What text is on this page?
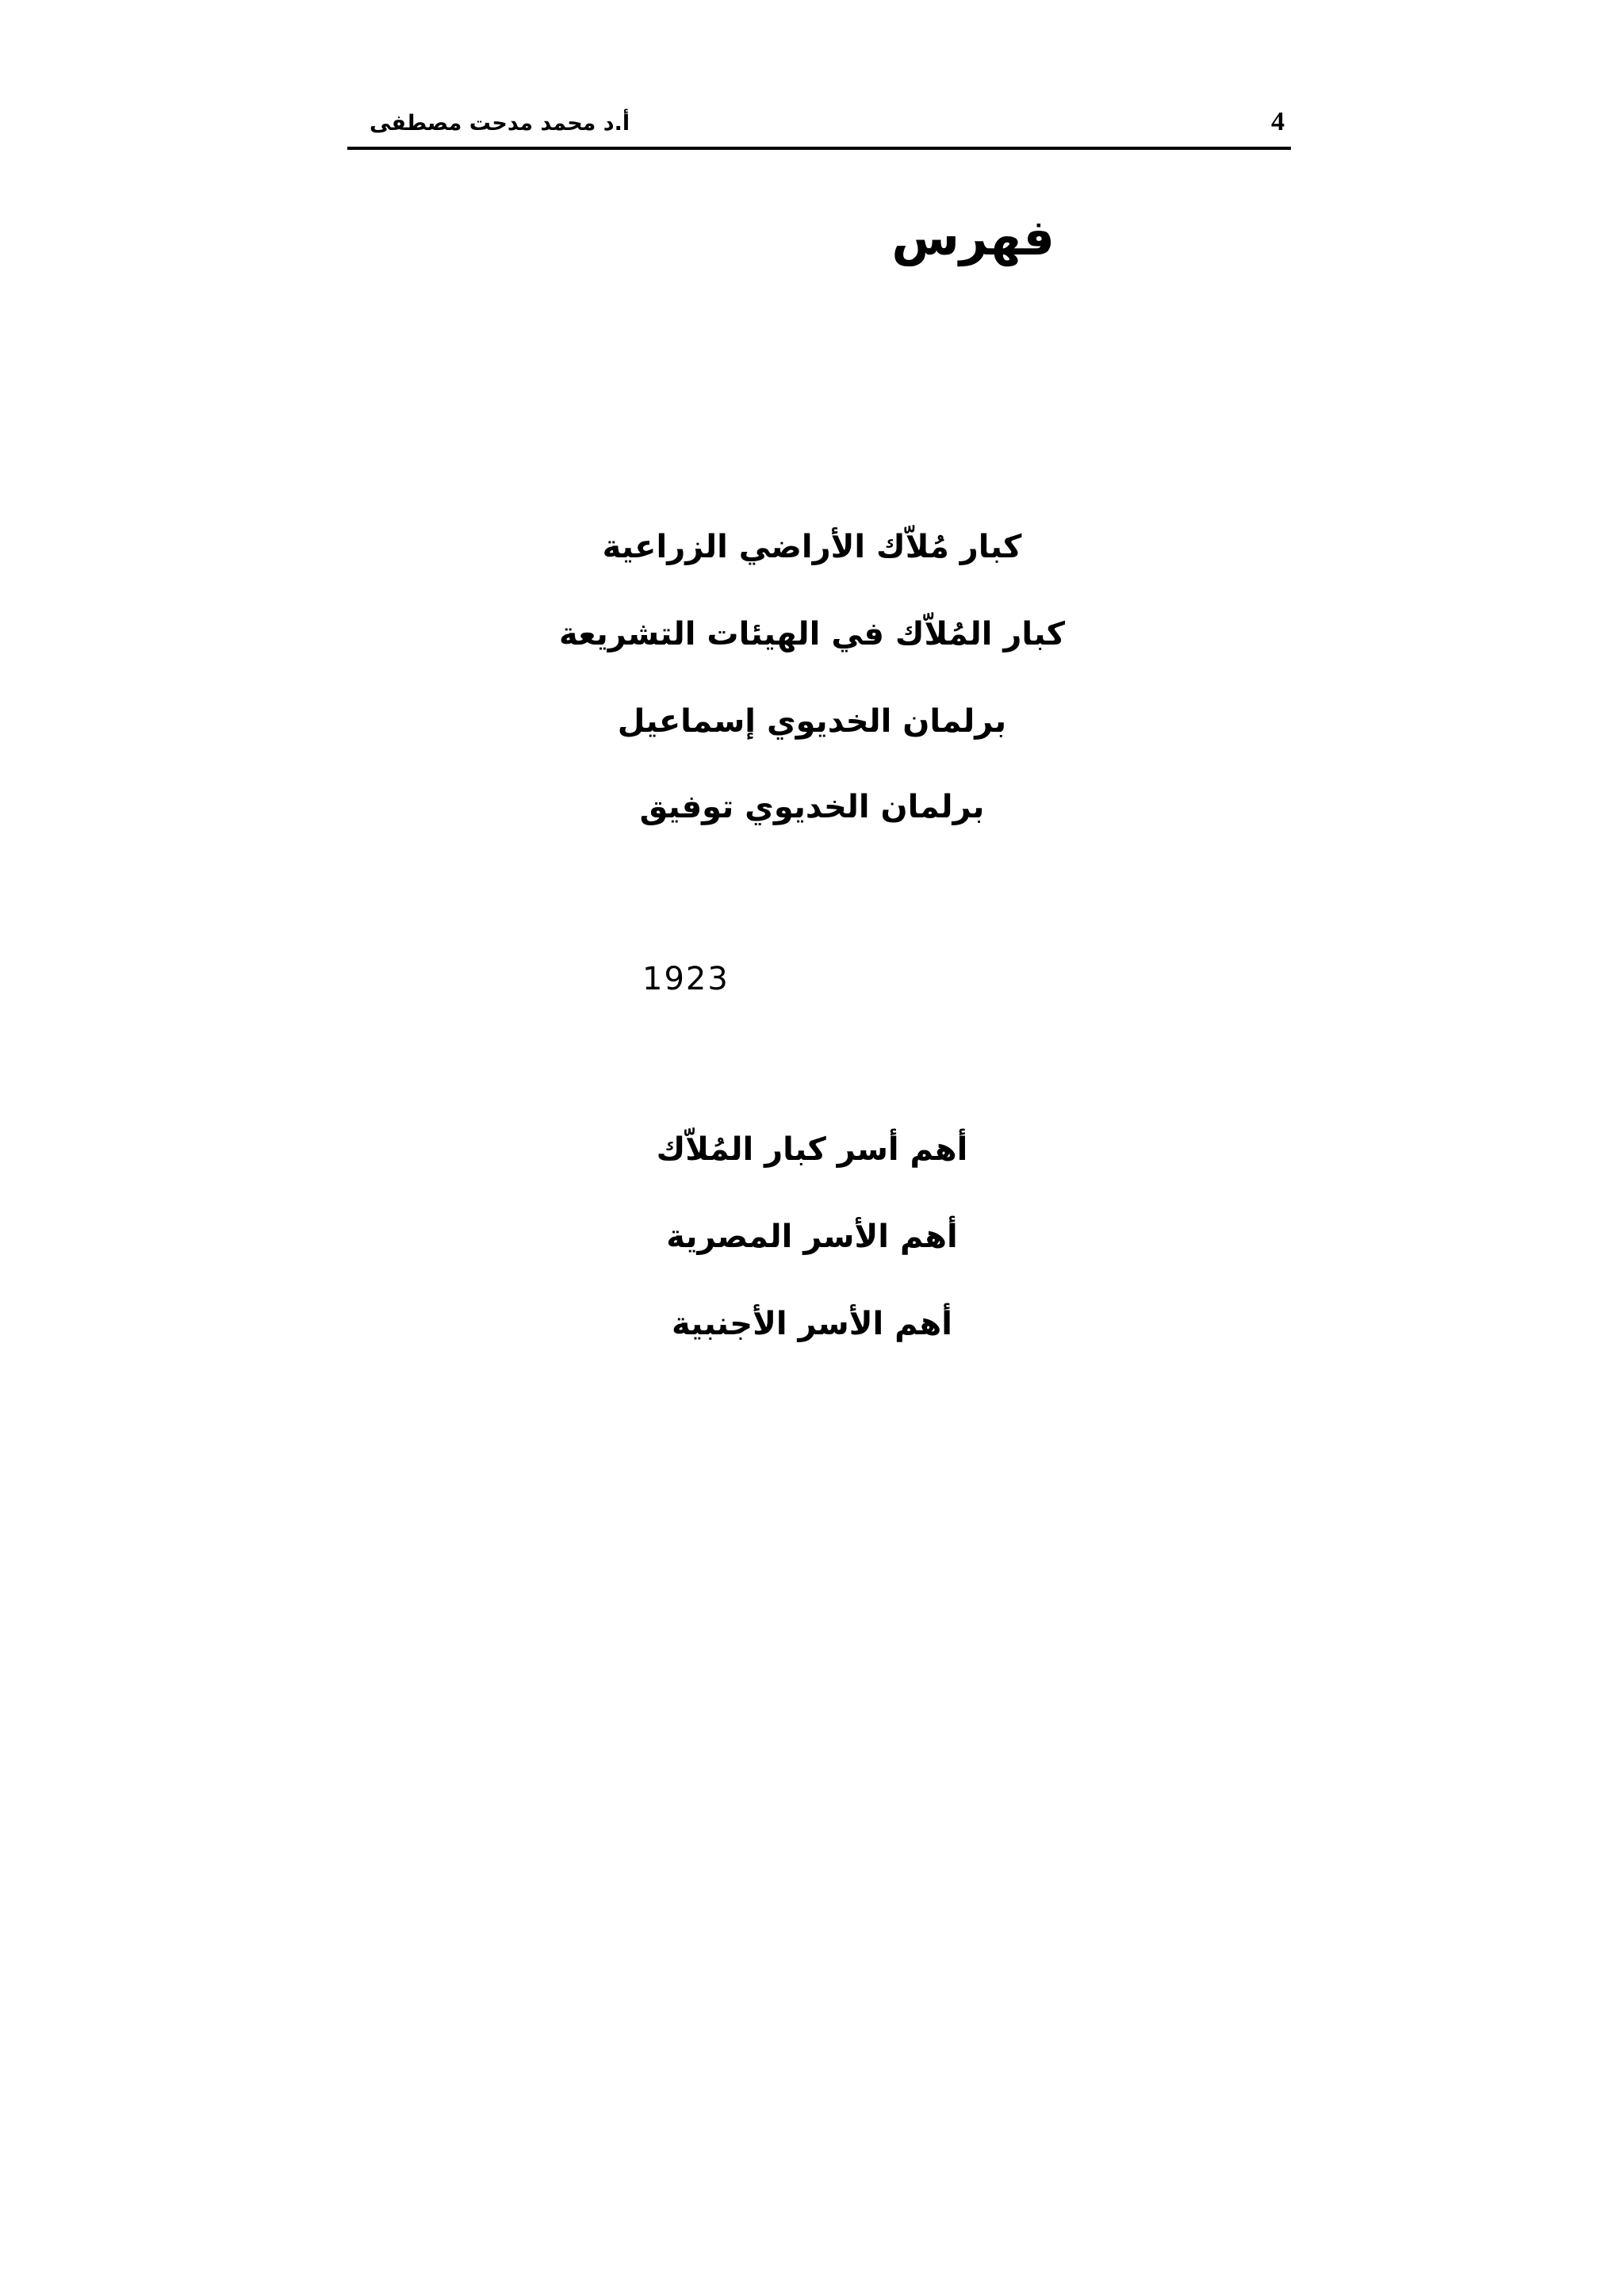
أ.د محمد مدحت مصطفى	4
فهرس
كبار مُلاّك الأراضي الزراعية
كبار المُلاّك في الهيئات التشريعة
برلمان الخديوي إسماعيل
برلمان الخديوي توفيق
1923
أهم أسر كبار المُلاّك
أهم الأسر المصرية
أهم الأسر الأجنبية
